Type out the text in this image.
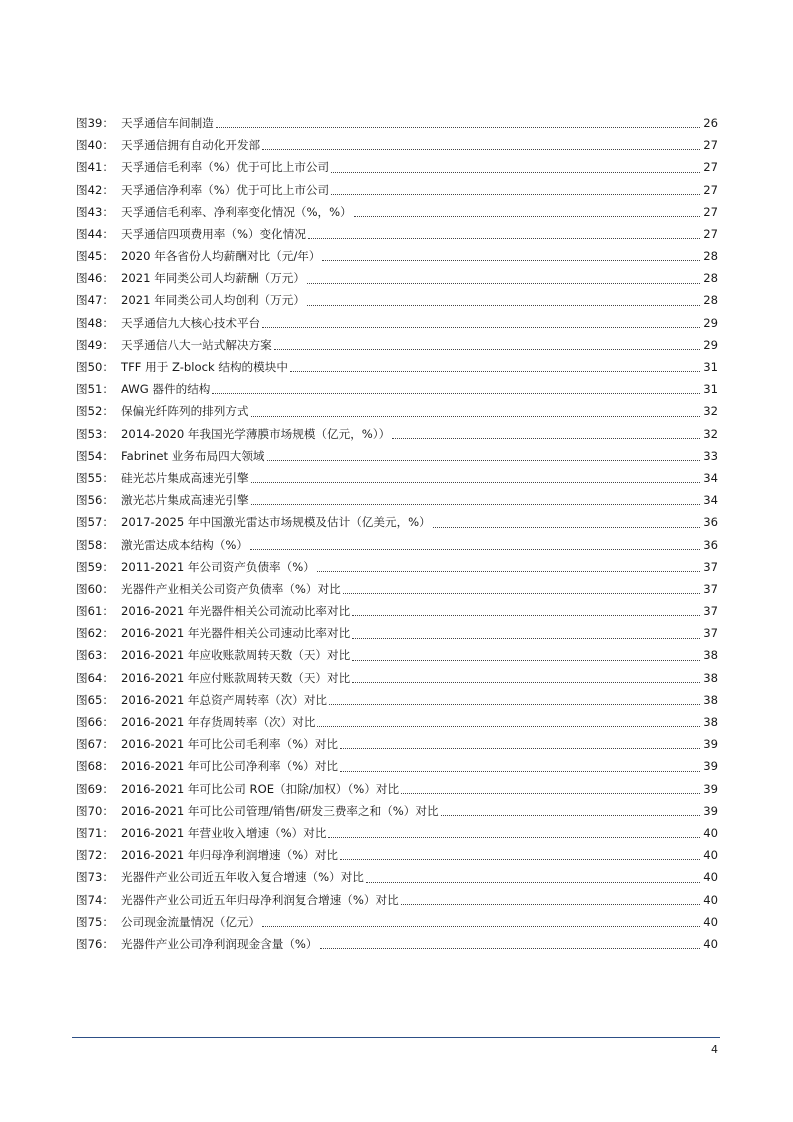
图39： 天孚通信车间制造	26
图40： 天孚通信拥有自动化开发部	27
图41： 天孚通信毛利率（%）优于可比上市公司	27
图42： 天孚通信净利率（%）优于可比上市公司	27
图43： 天孚通信毛利率、净利率变化情况（%，%）	27
图44： 天孚通信四项费用率（%）变化情况	27
图45： 2020 年各省份人均薪酬对比（元/年）	28
图46： 2021 年同类公司人均薪酬（万元）	28
图47： 2021 年同类公司人均创利（万元）	28
图48： 天孚通信九大核心技术平台	29
图49： 天孚通信八大一站式解决方案	29
图50： TFF 用于 Z-block 结构的模块中	31
图51： AWG 器件的结构	31
图52： 保偏光纤阵列的排列方式	32
图53： 2014-2020 年我国光学薄膜市场规模（亿元，%））	32
图54： Fabrinet 业务布局四大领域	33
图55： 硅光芯片集成高速光引擎	34
图56： 激光芯片集成高速光引擎	34
图57： 2017-2025 年中国激光雷达市场规模及估计（亿美元，%）	36
图58： 激光雷达成本结构（%）	36
图59： 2011-2021 年公司资产负债率（%）	37
图60： 光器件产业相关公司资产负债率（%）对比	37
图61： 2016-2021 年光器件相关公司流动比率对比	37
图62： 2016-2021 年光器件相关公司速动比率对比	37
图63： 2016-2021 年应收账款周转天数（天）对比	38
图64： 2016-2021 年应付账款周转天数（天）对比	38
图65： 2016-2021 年总资产周转率（次）对比	38
图66： 2016-2021 年存货周转率（次）对比	38
图67： 2016-2021 年可比公司毛利率（%）对比	39
图68： 2016-2021 年可比公司净利率（%）对比	39
图69： 2016-2021 年可比公司 ROE（扣除/加权）（%）对比	39
图70： 2016-2021 年可比公司管理/销售/研发三费率之和（%）对比	39
图71： 2016-2021 年营业收入增速（%）对比	40
图72： 2016-2021 年归母净利润增速（%）对比	40
图73： 光器件产业公司近五年收入复合增速（%）对比	40
图74： 光器件产业公司近五年归母净利润复合增速（%）对比	40
图75： 公司现金流量情况（亿元）	40
图76： 光器件产业公司净利润现金含量（%）	40
4
